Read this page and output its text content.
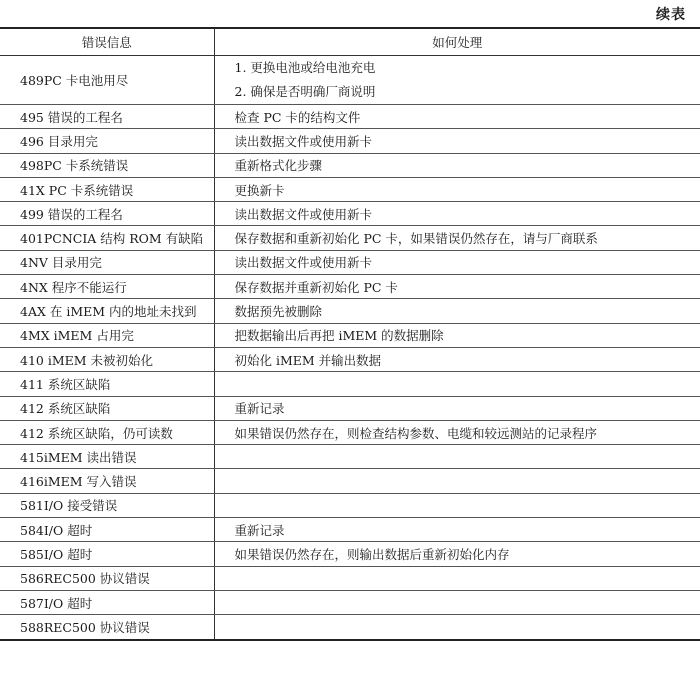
续表
错误信息	如何处理
489PC 卡电池用尽	1. 更换电池或给电池充电
2. 确保是否明确厂商说明

495 错误的工程名	检查 PC 卡的结构文件
496 目录用完	读出数据文件或使用新卡
498PC 卡系统错误	重新格式化步骤
41X PC 卡系统错误	更换新卡
499 错误的工程名	读出数据文件或使用新卡
401PCNCIA 结构 ROM 有缺陷	保存数据和重新初始化 PC 卡，如果错误仍然存在，请与厂商联系
4NV 目录用完	读出数据文件或使用新卡
4NX 程序不能运行	保存数据并重新初始化 PC 卡
4AX 在 iMEM 内的地址未找到	数据预先被删除
4MX iMEM 占用完	把数据输出后再把 iMEM 的数据删除
410 iMEM 未被初始化	初始化 iMEM 并输出数据
411 系统区缺陷	
412 系统区缺陷	重新记录
412 系统区缺陷，仍可读数	如果错误仍然存在，则检查结构参数、电缆和较远测站的记录程序
415iMEM 读出错误	
416iMEM 写入错误	
581I/O 接受错误	
584I/O 超时	重新记录
585I/O 超时	如果错误仍然存在，则输出数据后重新初始化内存
586REC500 协议错误	
587I/O 超时	
588REC500 协议错误	
